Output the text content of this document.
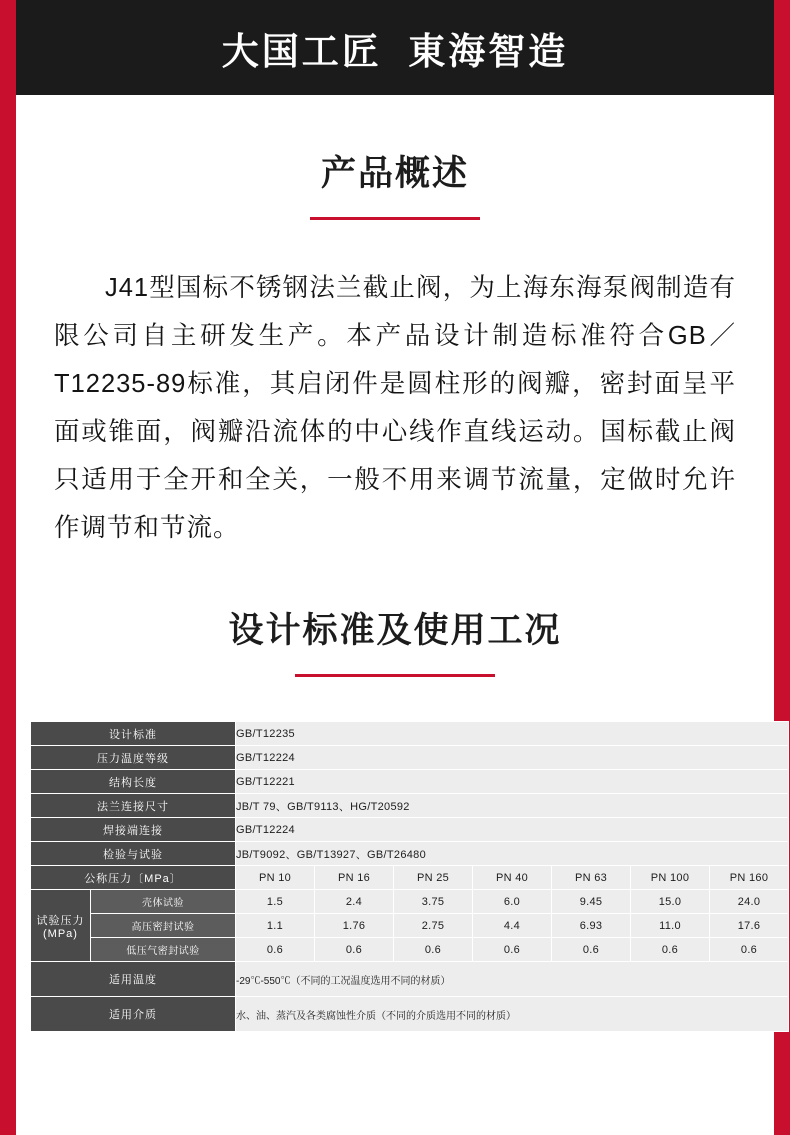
大国工匠  東海智造
产品概述
J41型国标不锈钢法兰截止阀，为上海东海泵阀制造有限公司自主研发生产。本产品设计制造标准符合GB／T12235-89标准，其启闭件是圆柱形的阀瓣，密封面呈平面或锥面，阀瓣沿流体的中心线作直线运动。国标截止阀只适用于全开和全关，一般不用来调节流量，定做时允许作调节和节流。
设计标准及使用工况
设计标准		GB/T12235						
压力温度等级		GB/T12224						
结构长度		GB/T12221						
法兰连接尺寸		JB/T 79、GB/T9113、HG/T20592						
焊接端连接		GB/T12224						
检验与试验		JB/T9092、GB/T13927、GB/T26480						
公称压力〔MPa〕		PN 10	PN 16	PN 25	PN 40	PN 63	PN 100	PN 160
试验压力(MPa)	壳体试验	1.5	2.4	3.75	6.0	9.45	15.0	24.0
	高压密封试验	1.1	1.76	2.75	4.4	6.93	11.0	17.6
	低压气密封试验	0.6	0.6	0.6	0.6	0.6	0.6	0.6
适用温度		-29℃-550℃（不同的工况温度选用不同的材质）						
适用介质		水、油、蒸汽及各类腐蚀性介质（不同的介质选用不同的材质）						
